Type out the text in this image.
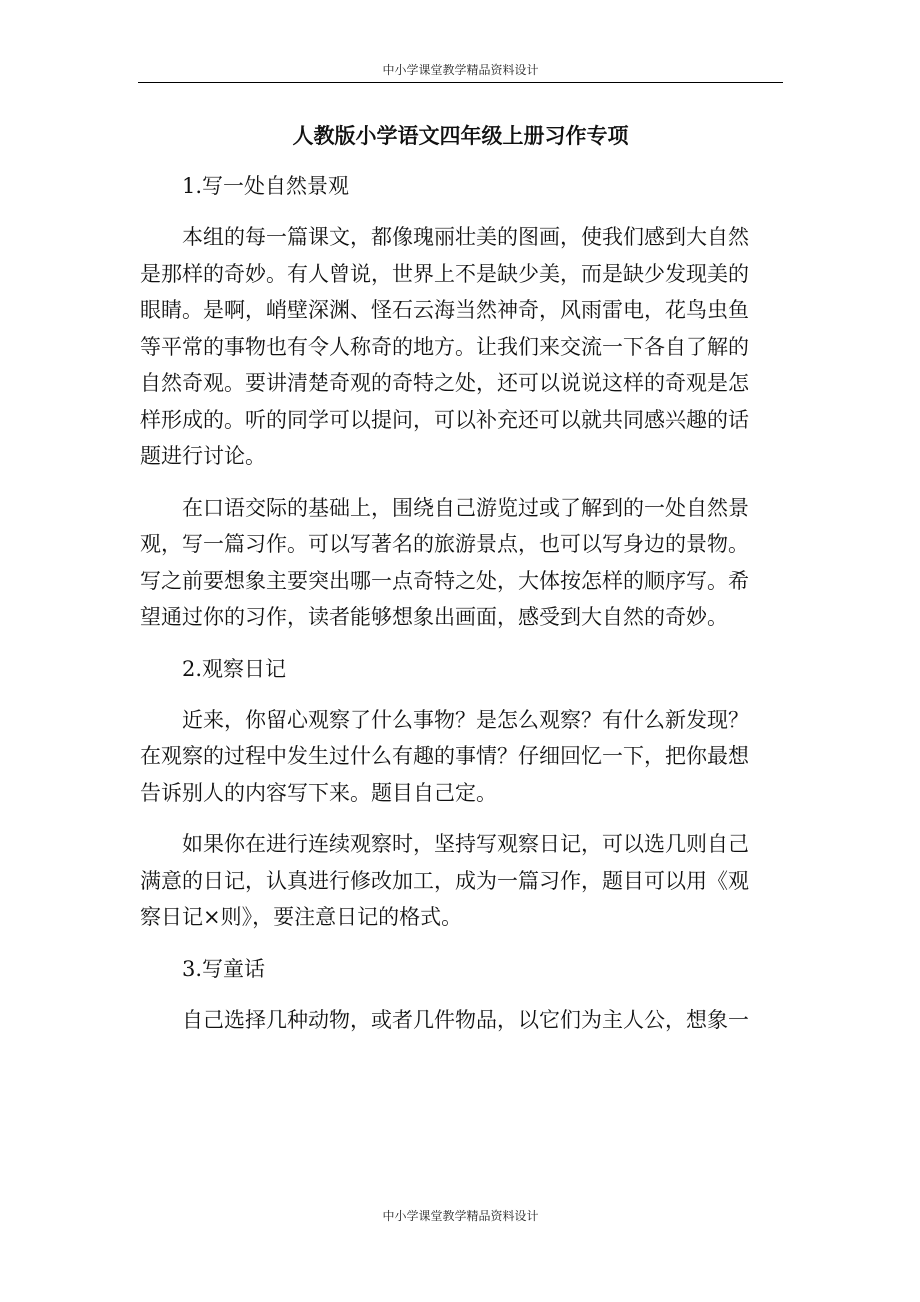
中小学课堂教学精品资料设计
人教版小学语文四年级上册习作专项
1.写一处自然景观
本组的每一篇课文，都像瑰丽壮美的图画，使我们感到大自然
是那样的奇妙。有人曾说，世界上不是缺少美，而是缺少发现美的
眼睛。是啊，峭壁深渊、怪石云海当然神奇，风雨雷电，花鸟虫鱼
等平常的事物也有令人称奇的地方。让我们来交流一下各自了解的
自然奇观。要讲清楚奇观的奇特之处，还可以说说这样的奇观是怎
样形成的。听的同学可以提问，可以补充还可以就共同感兴趣的话
题进行讨论。
在口语交际的基础上，围绕自己游览过或了解到的一处自然景
观，写一篇习作。可以写著名的旅游景点，也可以写身边的景物。
写之前要想象主要突出哪一点奇特之处，大体按怎样的顺序写。希
望通过你的习作，读者能够想象出画面，感受到大自然的奇妙。
2.观察日记
近来，你留心观察了什么事物？是怎么观察？有什么新发现？
在观察的过程中发生过什么有趣的事情？仔细回忆一下，把你最想
告诉别人的内容写下来。题目自己定。
如果你在进行连续观察时，坚持写观察日记，可以选几则自己
满意的日记，认真进行修改加工，成为一篇习作，题目可以用《观
察日记×则》，要注意日记的格式。
3.写童话
自己选择几种动物，或者几件物品，以它们为主人公，想象一
中小学课堂教学精品资料设计
